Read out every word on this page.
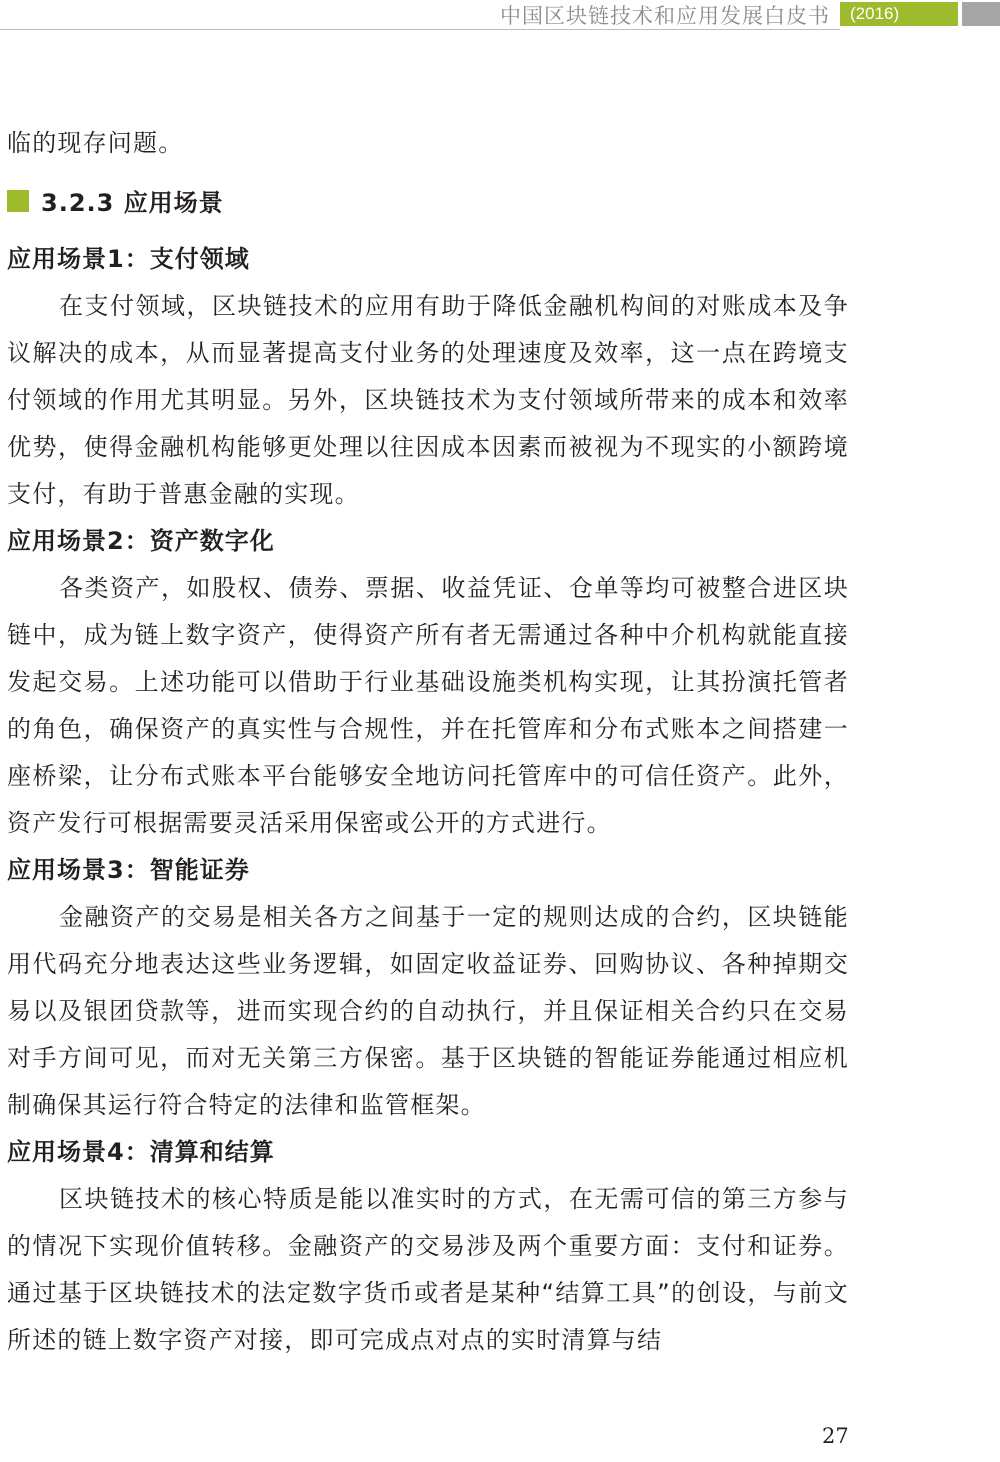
中国区块链技术和应用发展白皮书	(2016)

临的现存问题。

3.2.3 应用场景
应用场景1：支付领域

在支付领域，区块链技术的应用有助于降低金融机构间的对账成本及争议解决的成本，从而显著提高支付业务的处理速度及效率，这一点在跨境支付领域的作用尤其明显。另外，区块链技术为支付领域所带来的成本和效率优势，使得金融机构能够更处理以往因成本因素而被视为不现实的小额跨境支付，有助于普惠金融的实现。

应用场景2：资产数字化

各类资产，如股权、债券、票据、收益凭证、仓单等均可被整合进区块链中，成为链上数字资产，使得资产所有者无需通过各种中介机构就能直接发起交易。上述功能可以借助于行业基础设施类机构实现，让其扮演托管者的角色，确保资产的真实性与合规性，并在托管库和分布式账本之间搭建一座桥梁，让分布式账本平台能够安全地访问托管库中的可信任资产。此外，资产发行可根据需要灵活采用保密或公开的方式进行。

应用场景3：智能证券

金融资产的交易是相关各方之间基于一定的规则达成的合约，区块链能用代码充分地表达这些业务逻辑，如固定收益证券、回购协议、各种掉期交易以及银团贷款等，进而实现合约的自动执行，并且保证相关合约只在交易对手方间可见，而对无关第三方保密。基于区块链的智能证券能通过相应机制确保其运行符合特定的法律和监管框架。

应用场景4：清算和结算

区块链技术的核心特质是能以准实时的方式，在无需可信的第三方参与的情况下实现价值转移。金融资产的交易涉及两个重要方面：支付和证券。通过基于区块链技术的法定数字货币或者是某种“结算工具”的创设，与前文所述的链上数字资产对接，即可完成点对点的实时清算与结

27
